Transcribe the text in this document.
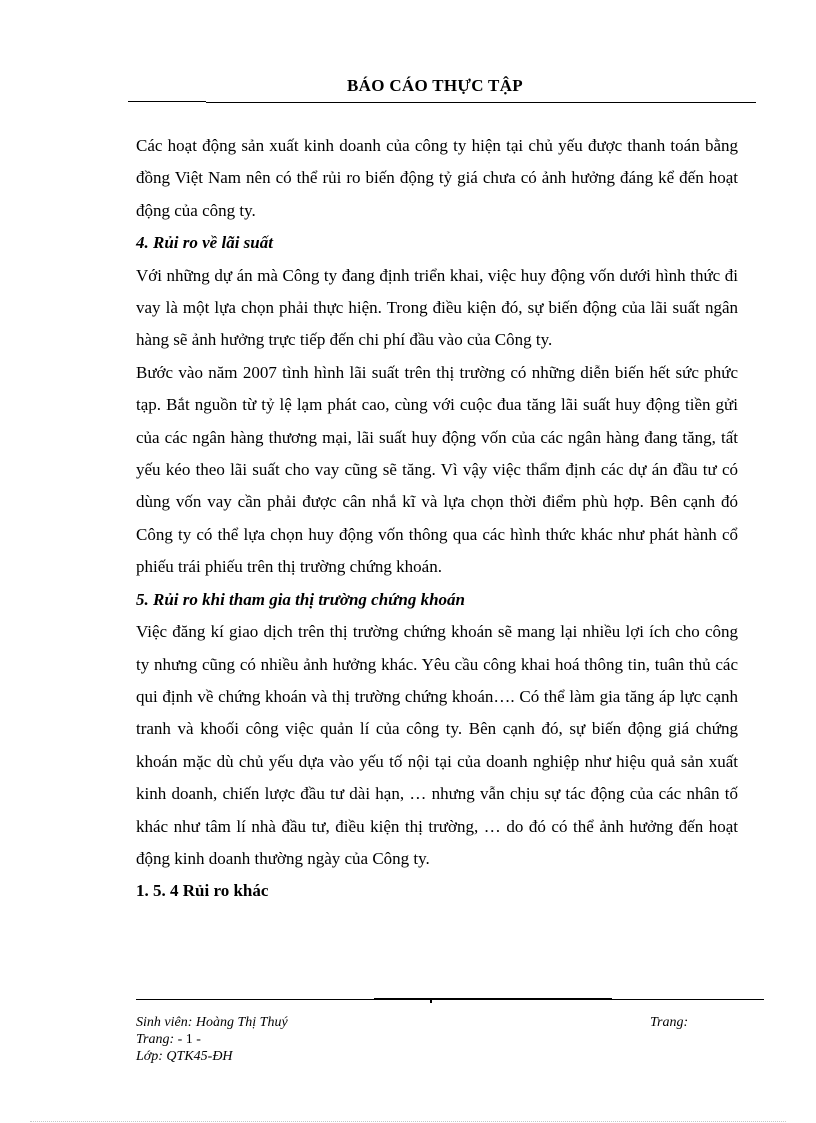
BÁO CÁO THỰC TẬP

Các hoạt động sản xuất kinh doanh của công ty hiện tại chủ yếu được thanh toán bằng đồng Việt Nam nên có thể rủi ro biến động tỷ giá chưa có ảnh hưởng đáng kể đến hoạt động của công ty.

4. Rủi ro về lãi suất

Với những dự án mà Công ty đang định triển khai, việc huy động vốn dưới hình thức đi vay là một lựa chọn phải thực hiện. Trong điều kiện đó, sự biến động của lãi suất ngân hàng sẽ ảnh hưởng trực tiếp đến chi phí đầu vào của Công ty.

Bước vào năm 2007 tình hình lãi suất trên thị trường có những diễn biến hết sức phức tạp. Bắt nguồn từ tỷ lệ lạm phát cao, cùng với cuộc đua tăng lãi suất huy động tiền gửi của các ngân hàng thương mại, lãi suất huy động vốn của các ngân hàng đang tăng, tất yếu kéo theo lãi suất cho vay cũng sẽ tăng. Vì vậy việc thẩm định các dự án đầu tư có dùng vốn vay cần phải được cân nhắ kĩ và lựa chọn thời điểm phù hợp. Bên cạnh đó Công ty có thể lựa chọn huy động vốn thông qua các hình thức khác như phát hành cổ phiếu trái phiếu trên thị trường chứng khoán.

5. Rủi ro khi tham gia thị trường chứng khoán

Việc đăng kí giao dịch trên thị trường chứng khoán sẽ mang lại nhiều lợi ích cho công ty nhưng cũng có nhiều ảnh hưởng khác. Yêu cầu công khai hoá thông tin, tuân thủ các qui định về chứng khoán và thị trường chứng khoán…. Có thể làm gia tăng áp lực cạnh tranh và khoối công việc quản lí của công ty. Bên cạnh đó, sự biến động giá chứng khoán mặc dù chủ yếu dựa vào yếu tố nội tại của doanh nghiệp như hiệu quả sản xuất kinh doanh, chiến lược đầu tư dài hạn, … nhưng vẫn chịu sự tác động của các nhân tố khác như tâm lí nhà đầu tư, điều kiện thị trường, … do đó có thể ảnh hưởng đến hoạt động kinh doanh thường ngày của Công ty.

1. 5. 4 Rủi ro khác

Sinh viên: Hoàng Thị Thuý	Trang:
Trang: - 1 -
Lớp: QTK45-ĐH
